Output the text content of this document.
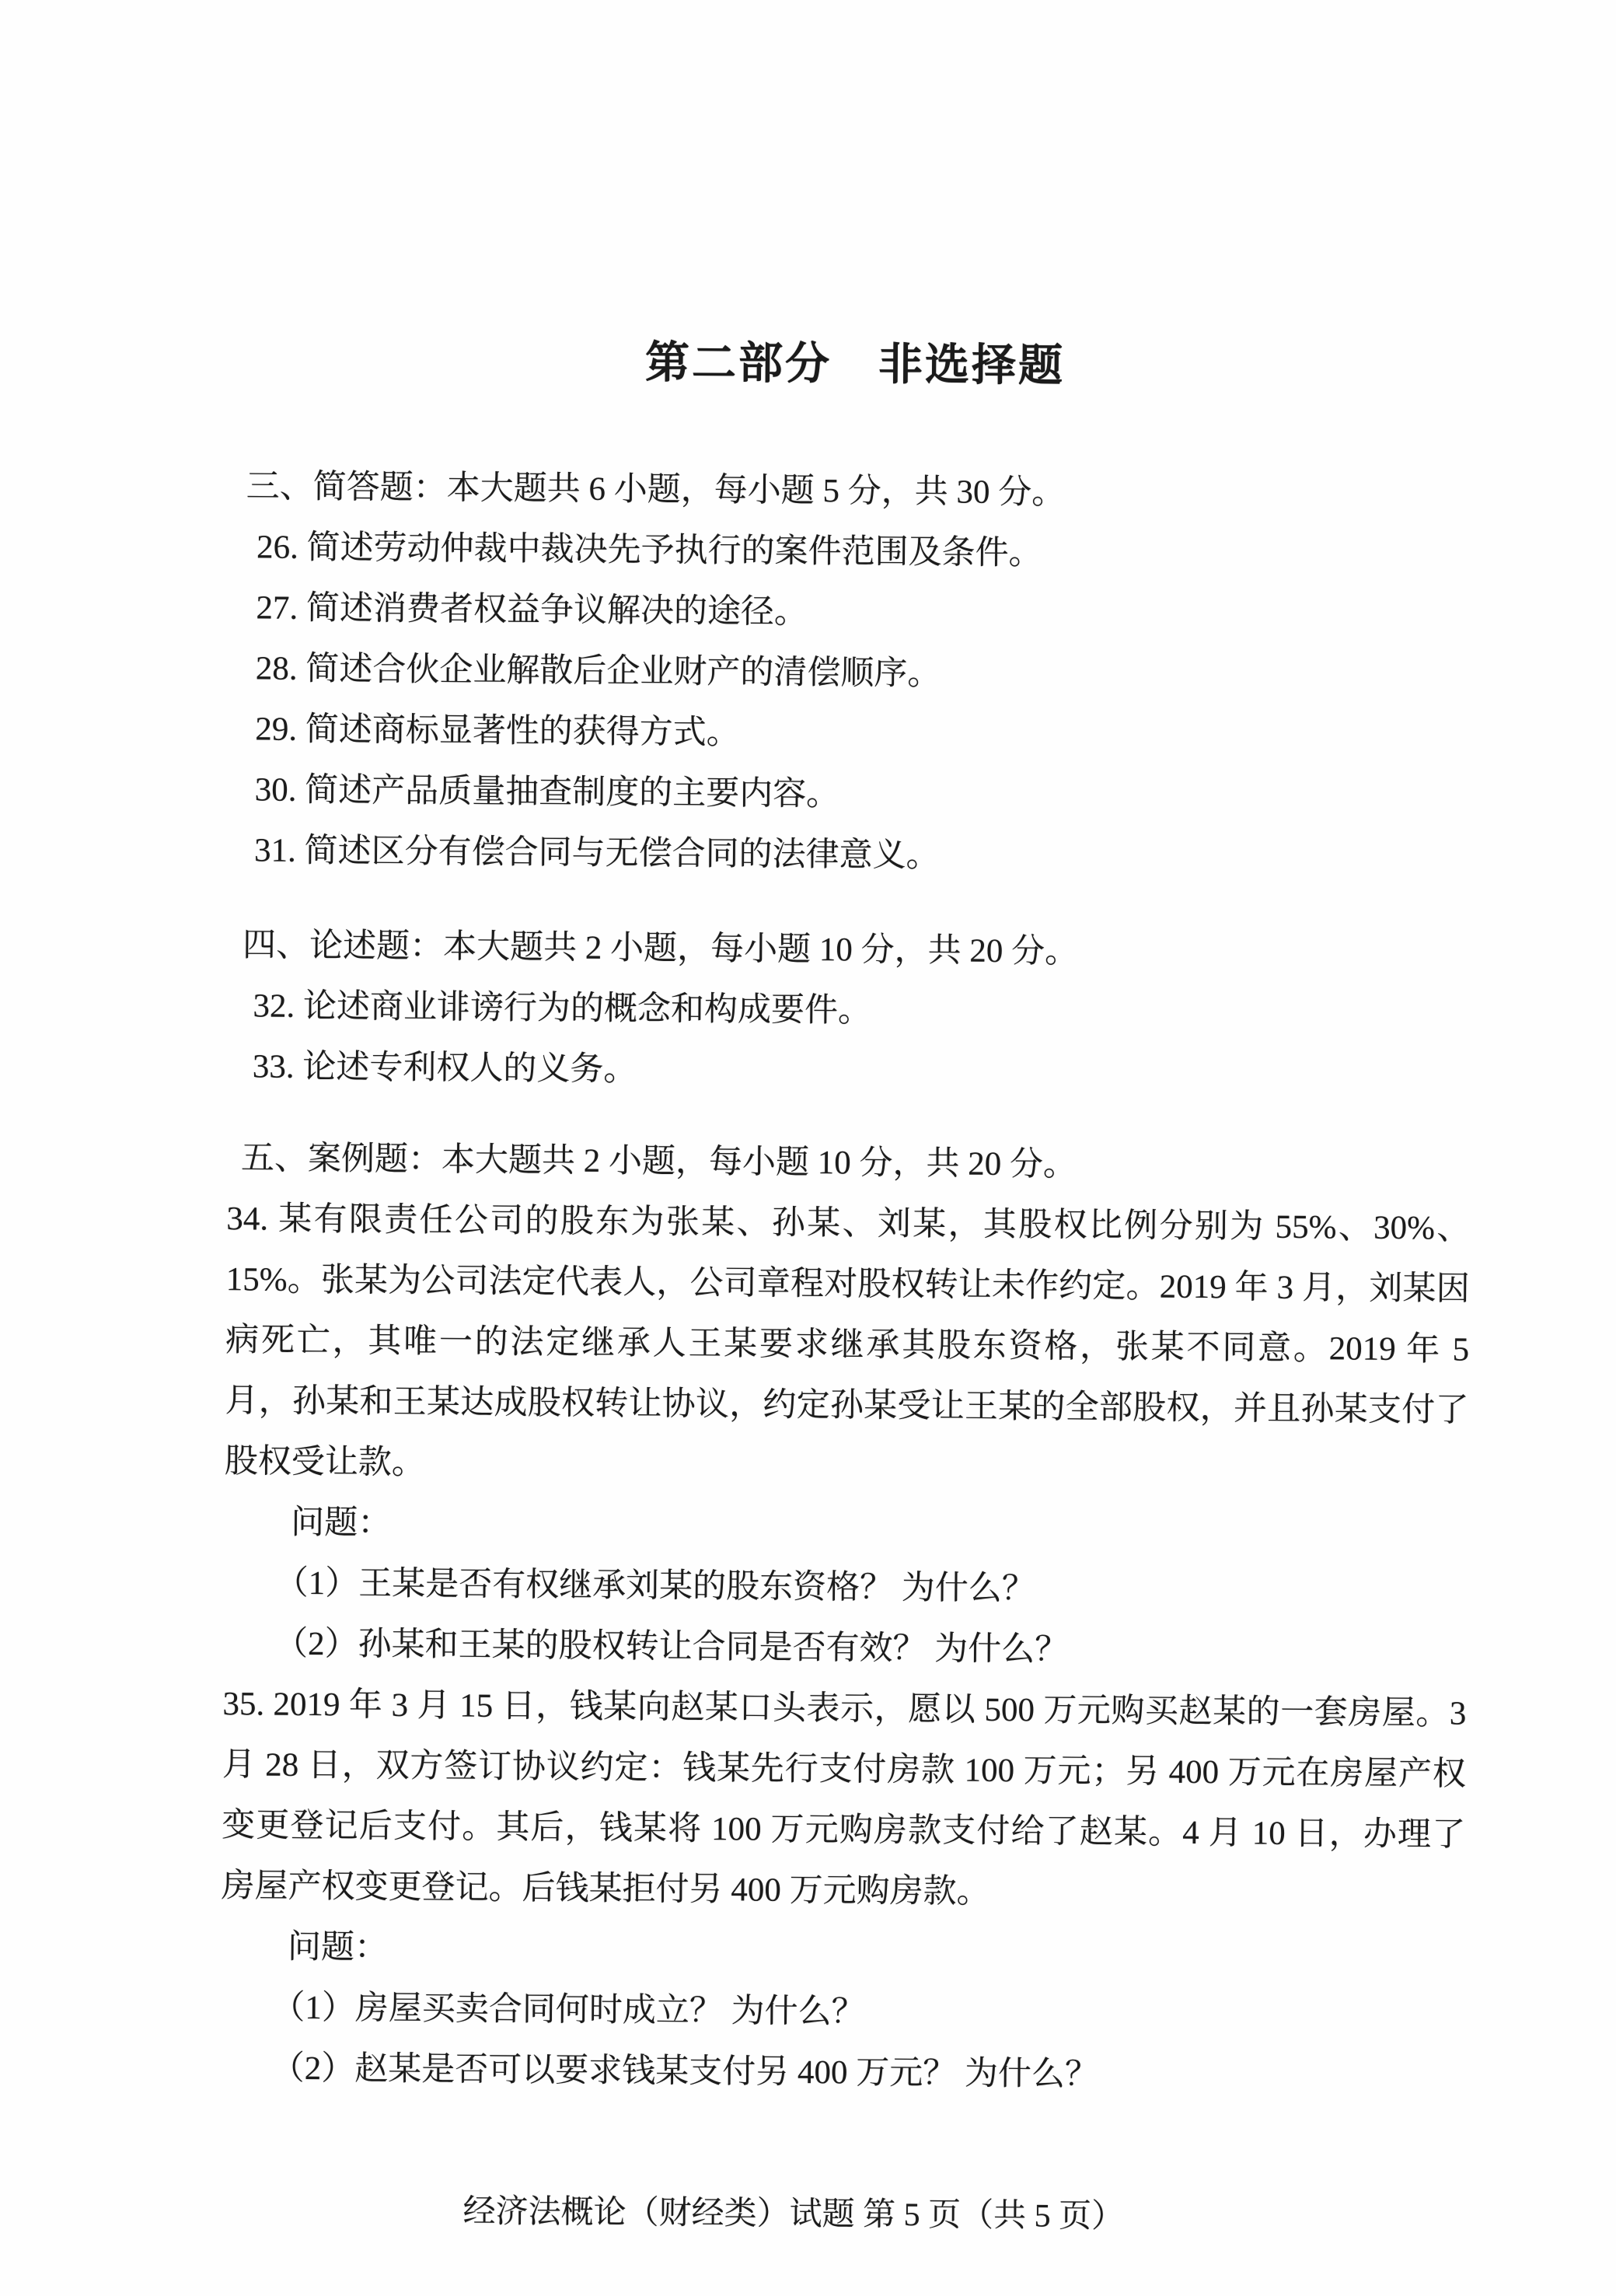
第二部分　非选择题
三、简答题：本大题共 6 小题，每小题 5 分，共 30 分。
26. 简述劳动仲裁中裁决先予执行的案件范围及条件。
27. 简述消费者权益争议解决的途径。
28. 简述合伙企业解散后企业财产的清偿顺序。
29. 简述商标显著性的获得方式。
30. 简述产品质量抽查制度的主要内容。
31. 简述区分有偿合同与无偿合同的法律意义。
四、论述题：本大题共 2 小题，每小题 10 分，共 20 分。
32. 论述商业诽谤行为的概念和构成要件。
33. 论述专利权人的义务。
五、案例题：本大题共 2 小题，每小题 10 分，共 20 分。

34. 某有限责任公司的股东为张某、孙某、刘某，其股权比例分别为 55%、30%、15%。张某为公司法定代表人，公司章程对股权转让未作约定。2019 年 3 月，刘某因病死亡，其唯一的法定继承人王某要求继承其股东资格，张某不同意。2019 年 5 月，孙某和王某达成股权转让协议，约定孙某受让王某的全部股权，并且孙某支付了股权受让款。

问题：
（1）王某是否有权继承刘某的股东资格？ 为什么？
（2）孙某和王某的股权转让合同是否有效？ 为什么？

35. 2019 年 3 月 15 日，钱某向赵某口头表示，愿以 500 万元购买赵某的一套房屋。3 月 28 日，双方签订协议约定：钱某先行支付房款 100 万元；另 400 万元在房屋产权变更登记后支付。其后，钱某将 100 万元购房款支付给了赵某。4 月 10 日，办理了房屋产权变更登记。后钱某拒付另 400 万元购房款。

问题：
（1）房屋买卖合同何时成立？ 为什么？
（2）赵某是否可以要求钱某支付另 400 万元？ 为什么？
经济法概论（财经类）试题 第 5 页（共 5 页）
